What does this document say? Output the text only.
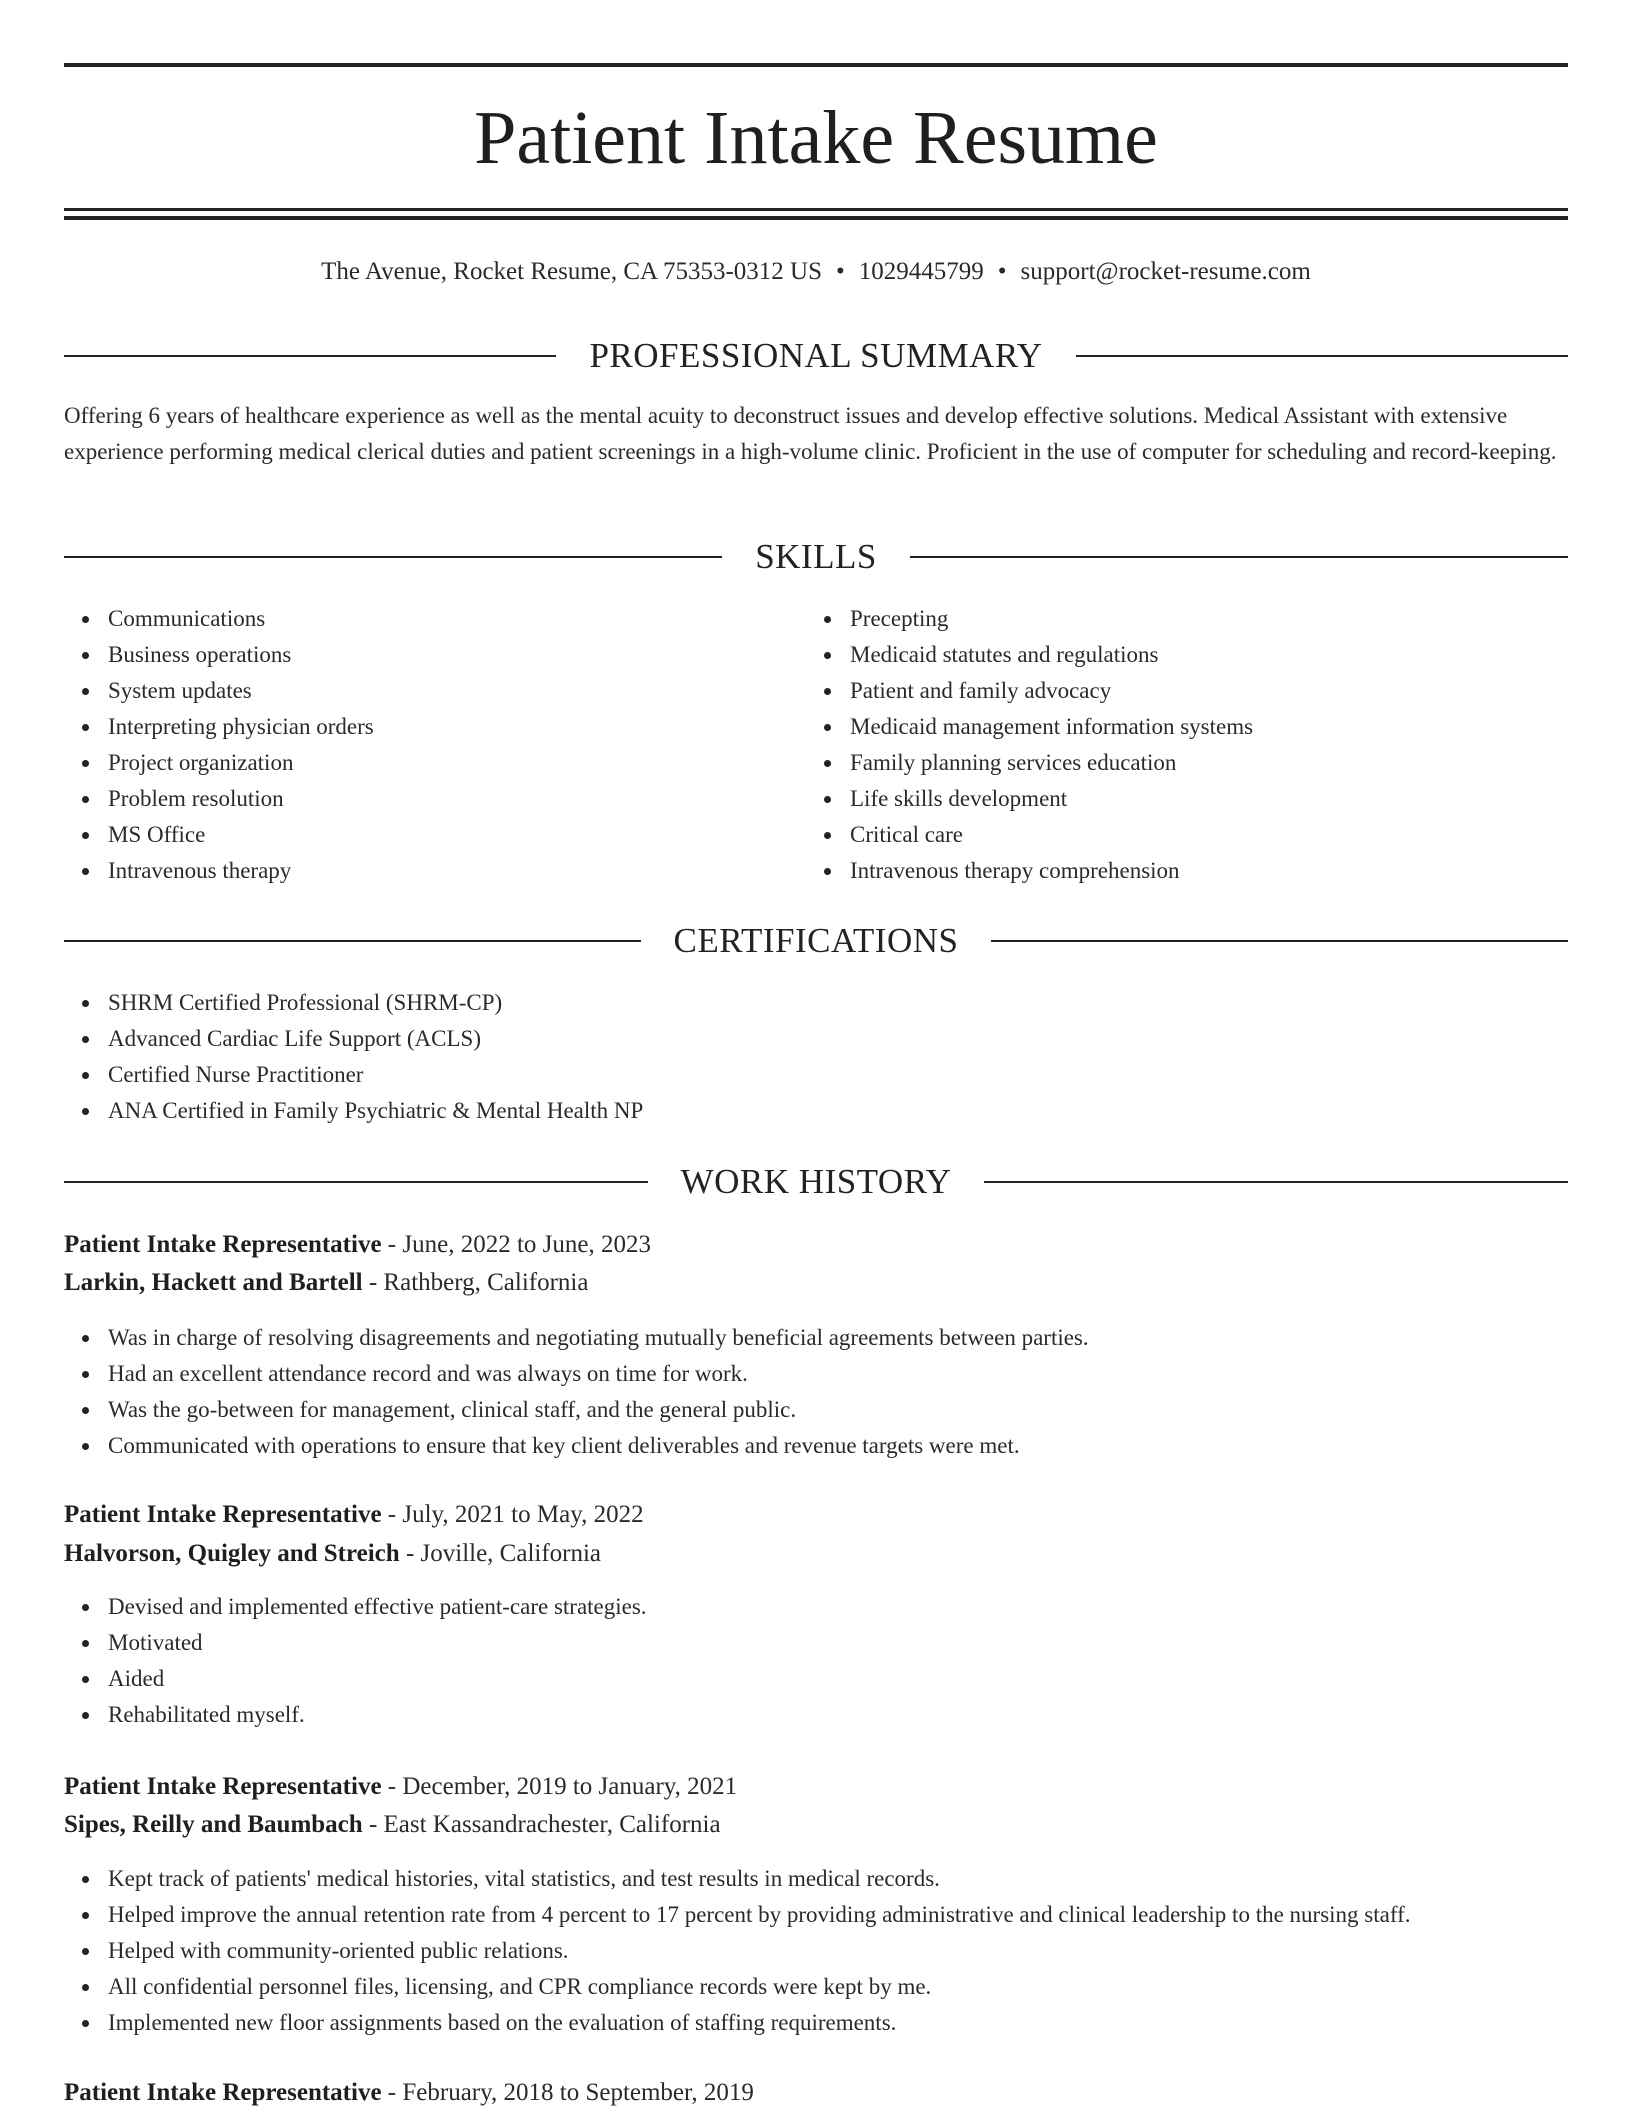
Patient Intake Resume
The Avenue, Rocket Resume, CA 75353-0312 US • 1029445799 • support@rocket-resume.com
PROFESSIONAL SUMMARY
Offering 6 years of healthcare experience as well as the mental acuity to deconstruct issues and develop effective solutions. Medical Assistant with extensive experience performing medical clerical duties and patient screenings in a high-volume clinic. Proficient in the use of computer for scheduling and record-keeping.
SKILLS
Communications
Business operations
System updates
Interpreting physician orders
Project organization
Problem resolution
MS Office
Intravenous therapy
Precepting
Medicaid statutes and regulations
Patient and family advocacy
Medicaid management information systems
Family planning services education
Life skills development
Critical care
Intravenous therapy comprehension
CERTIFICATIONS
SHRM Certified Professional (SHRM-CP)
Advanced Cardiac Life Support (ACLS)
Certified Nurse Practitioner
ANA Certified in Family Psychiatric & Mental Health NP
WORK HISTORY
Patient Intake Representative - June, 2022 to June, 2023
Larkin, Hackett and Bartell - Rathberg, California
Was in charge of resolving disagreements and negotiating mutually beneficial agreements between parties.
Had an excellent attendance record and was always on time for work.
Was the go-between for management, clinical staff, and the general public.
Communicated with operations to ensure that key client deliverables and revenue targets were met.
Patient Intake Representative - July, 2021 to May, 2022
Halvorson, Quigley and Streich - Joville, California
Devised and implemented effective patient-care strategies.
Motivated
Aided
Rehabilitated myself.
Patient Intake Representative - December, 2019 to January, 2021
Sipes, Reilly and Baumbach - East Kassandrachester, California
Kept track of patients' medical histories, vital statistics, and test results in medical records.
Helped improve the annual retention rate from 4 percent to 17 percent by providing administrative and clinical leadership to the nursing staff.
Helped with community-oriented public relations.
All confidential personnel files, licensing, and CPR compliance records were kept by me.
Implemented new floor assignments based on the evaluation of staffing requirements.
Patient Intake Representative - February, 2018 to September, 2019
